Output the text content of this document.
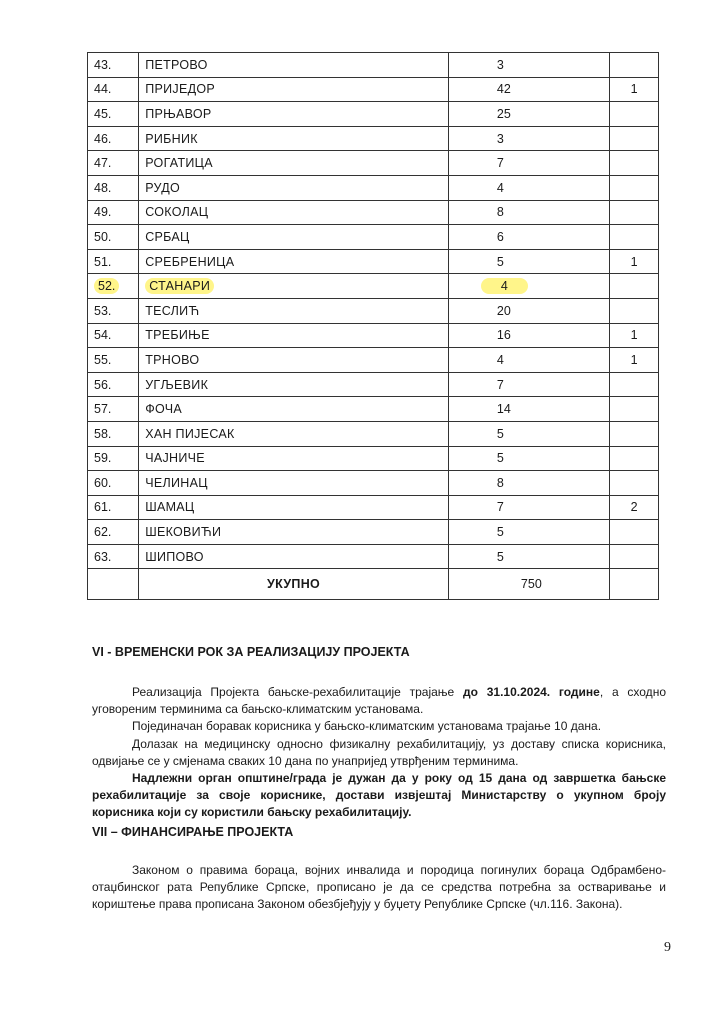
43.	ПЕТРОВО	3	
44.	ПРИЈЕДОР	42	1
45.	ПРЊАВОР	25	
46.	РИБНИК	3	
47.	РОГАТИЦА	7	
48.	РУДО	4	
49.	СОКОЛАЦ	8	
50.	СРБАЦ	6	
51.	СРЕБРЕНИЦА	5	1
52.	СТАНАРИ	4	
53.	ТЕСЛИЋ	20	
54.	ТРЕБИЊЕ	16	1
55.	ТРНОВО	4	1
56.	УГЉЕВИК	7	
57.	ФОЧА	14	
58.	ХАН ПИЈЕСАК	5	
59.	ЧАЈНИЧЕ	5	
60.	ЧЕЛИНАЦ	8	
61.	ШАМАЦ	7	2
62.	ШЕКОВИЋИ	5	
63.	ШИПОВО	5	
	УКУПНО	750	
VI - ВРЕМЕНСКИ РОК ЗА РЕАЛИЗАЦИЈУ ПРОЈЕКТА
Реализација Пројекта бањске-рехабилитације трајање до 31.10.2024. године, а сходно уговореним терминима са бањско-климатским установама.
Појединачан боравак корисника у бањско-климатским установама трајање 10 дана.
Долазак на медицинску односно физикалну рехабилитацију, уз доставу списка корисника, одвијање се у смјенама сваких 10 дана по унапријед утврђеним терминима.
Надлежни орган општине/града је дужан да у року од 15 дана од завршетка бањске рехабилитације за своје кориснике, достави извјештај Министарству о укупном броју корисника који су користили бањску рехабилитацију.
VII – ФИНАНСИРАЊЕ ПРОЈЕКТА
Законом о правима бораца, војних инвалида и породица погинулих бораца Одбрамбено-отаџбинског рата Републике Српске, прописано је да се средства потребна за остваривање и кориштење права прописана Законом обезбјеђују у буџету Републике Српске (чл.116. Закона).
9
